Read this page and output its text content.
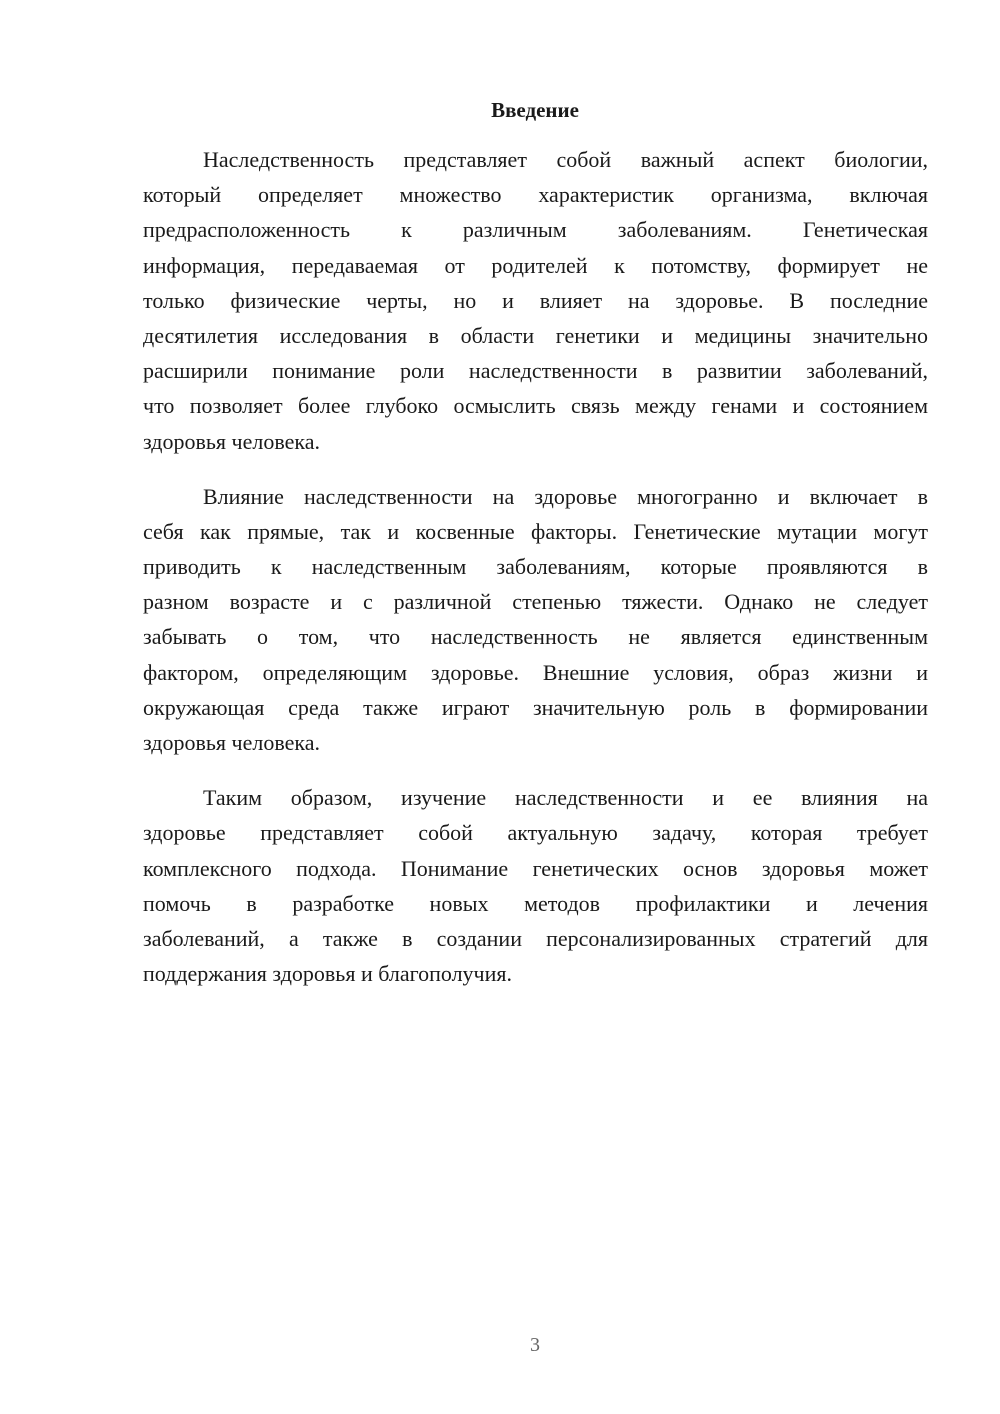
Введение
Наследственность представляет собой важный аспект биологии,
который определяет множество характеристик организма, включая
предрасположенность к различным заболеваниям. Генетическая
информация, передаваемая от родителей к потомству, формирует не
только физические черты, но и влияет на здоровье. В последние
десятилетия исследования в области генетики и медицины значительно
расширили понимание роли наследственности в развитии заболеваний,
что позволяет более глубоко осмыслить связь между генами и состоянием
здоровья человека.
Влияние наследственности на здоровье многогранно и включает в
себя как прямые, так и косвенные факторы. Генетические мутации могут
приводить к наследственным заболеваниям, которые проявляются в
разном возрасте и с различной степенью тяжести. Однако не следует
забывать о том, что наследственность не является единственным
фактором, определяющим здоровье. Внешние условия, образ жизни и
окружающая среда также играют значительную роль в формировании
здоровья человека.
Таким образом, изучение наследственности и ее влияния на
здоровье представляет собой актуальную задачу, которая требует
комплексного подхода. Понимание генетических основ здоровья может
помочь в разработке новых методов профилактики и лечения
заболеваний, а также в создании персонализированных стратегий для
поддержания здоровья и благополучия.
3
